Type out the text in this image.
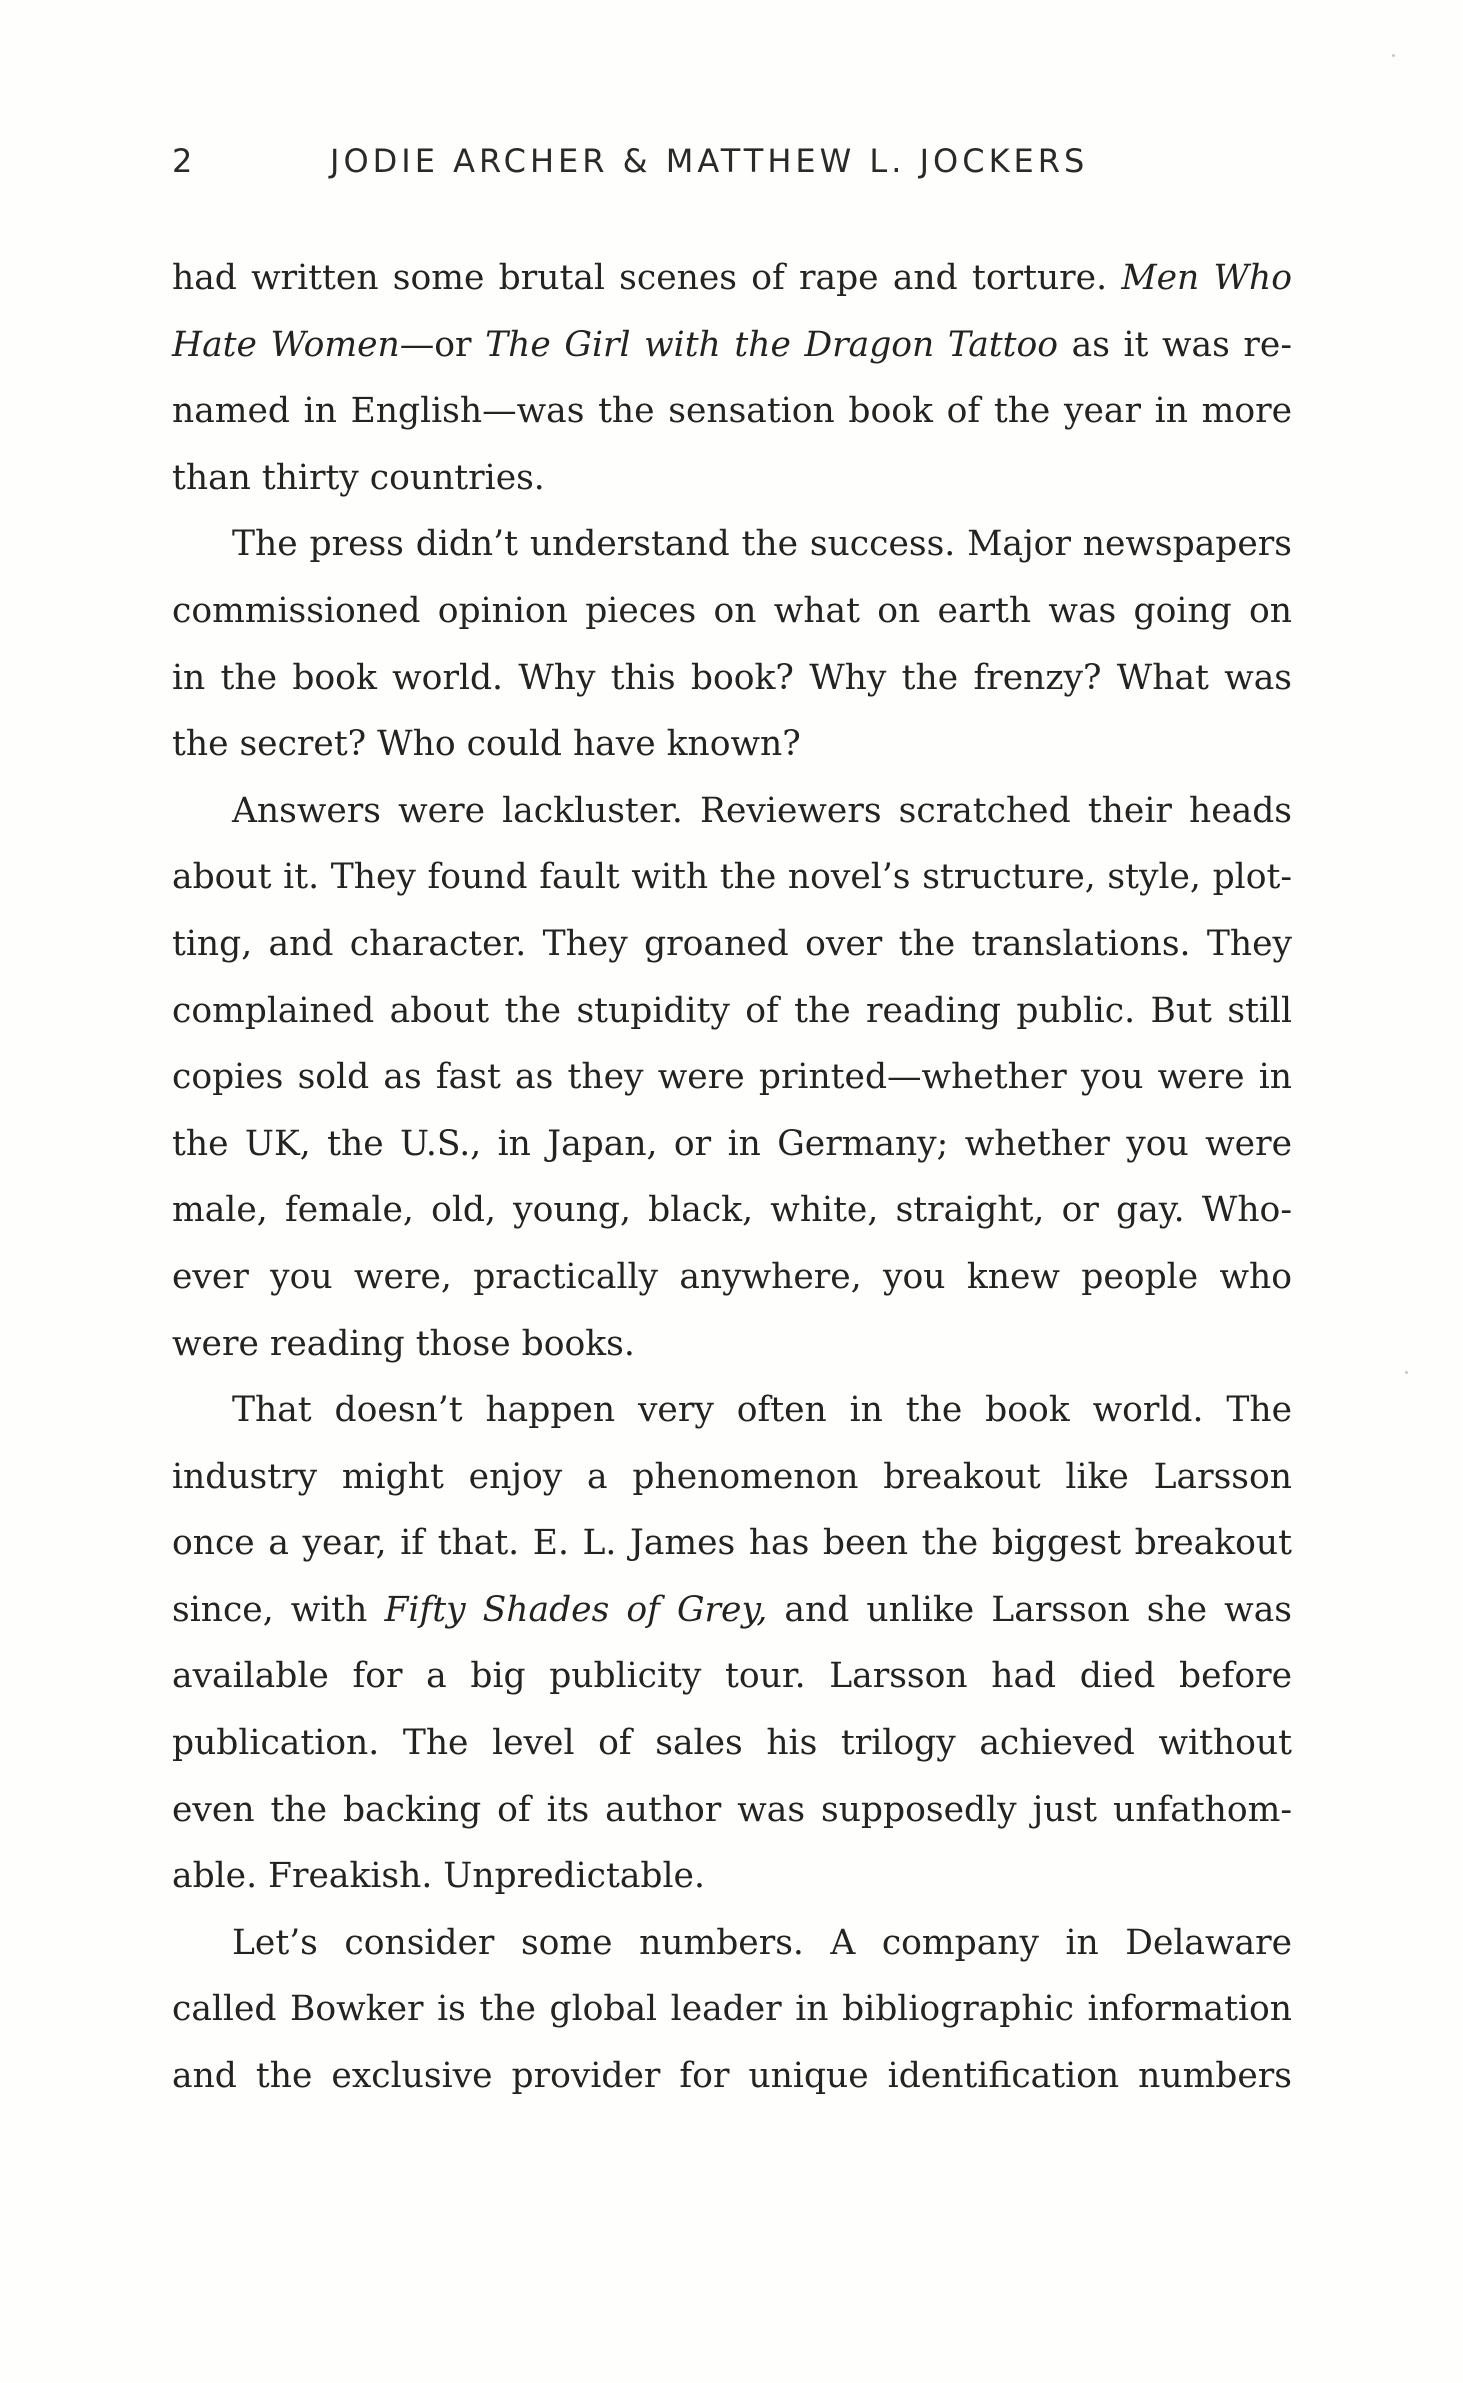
2	JODIE ARCHER & MATTHEW L. JOCKERS
had written some brutal scenes of rape and torture. Men Who
Hate Women—or The Girl with the Dragon Tattoo as it was re-
named in English—was the sensation book of the year in more
than thirty countries.
The press didn’t understand the success. Major newspapers
commissioned opinion pieces on what on earth was going on
in the book world. Why this book? Why the frenzy? What was
the secret? Who could have known?
Answers were lackluster. Reviewers scratched their heads
about it. They found fault with the novel’s structure, style, plot-
ting, and character. They groaned over the translations. They
complained about the stupidity of the reading public. But still
copies sold as fast as they were printed—whether you were in
the UK, the U.S., in Japan, or in Germany; whether you were
male, female, old, young, black, white, straight, or gay. Who-
ever you were, practically anywhere, you knew people who
were reading those books.
That doesn’t happen very often in the book world. The
industry might enjoy a phenomenon breakout like Larsson
once a year, if that. E. L. James has been the biggest breakout
since, with Fifty Shades of Grey, and unlike Larsson she was
available for a big publicity tour. Larsson had died before
publication. The level of sales his trilogy achieved without
even the backing of its author was supposedly just unfathom-
able. Freakish. Unpredictable.
Let’s consider some numbers. A company in Delaware
called Bowker is the global leader in bibliographic information
and the exclusive provider for unique identification numbers
